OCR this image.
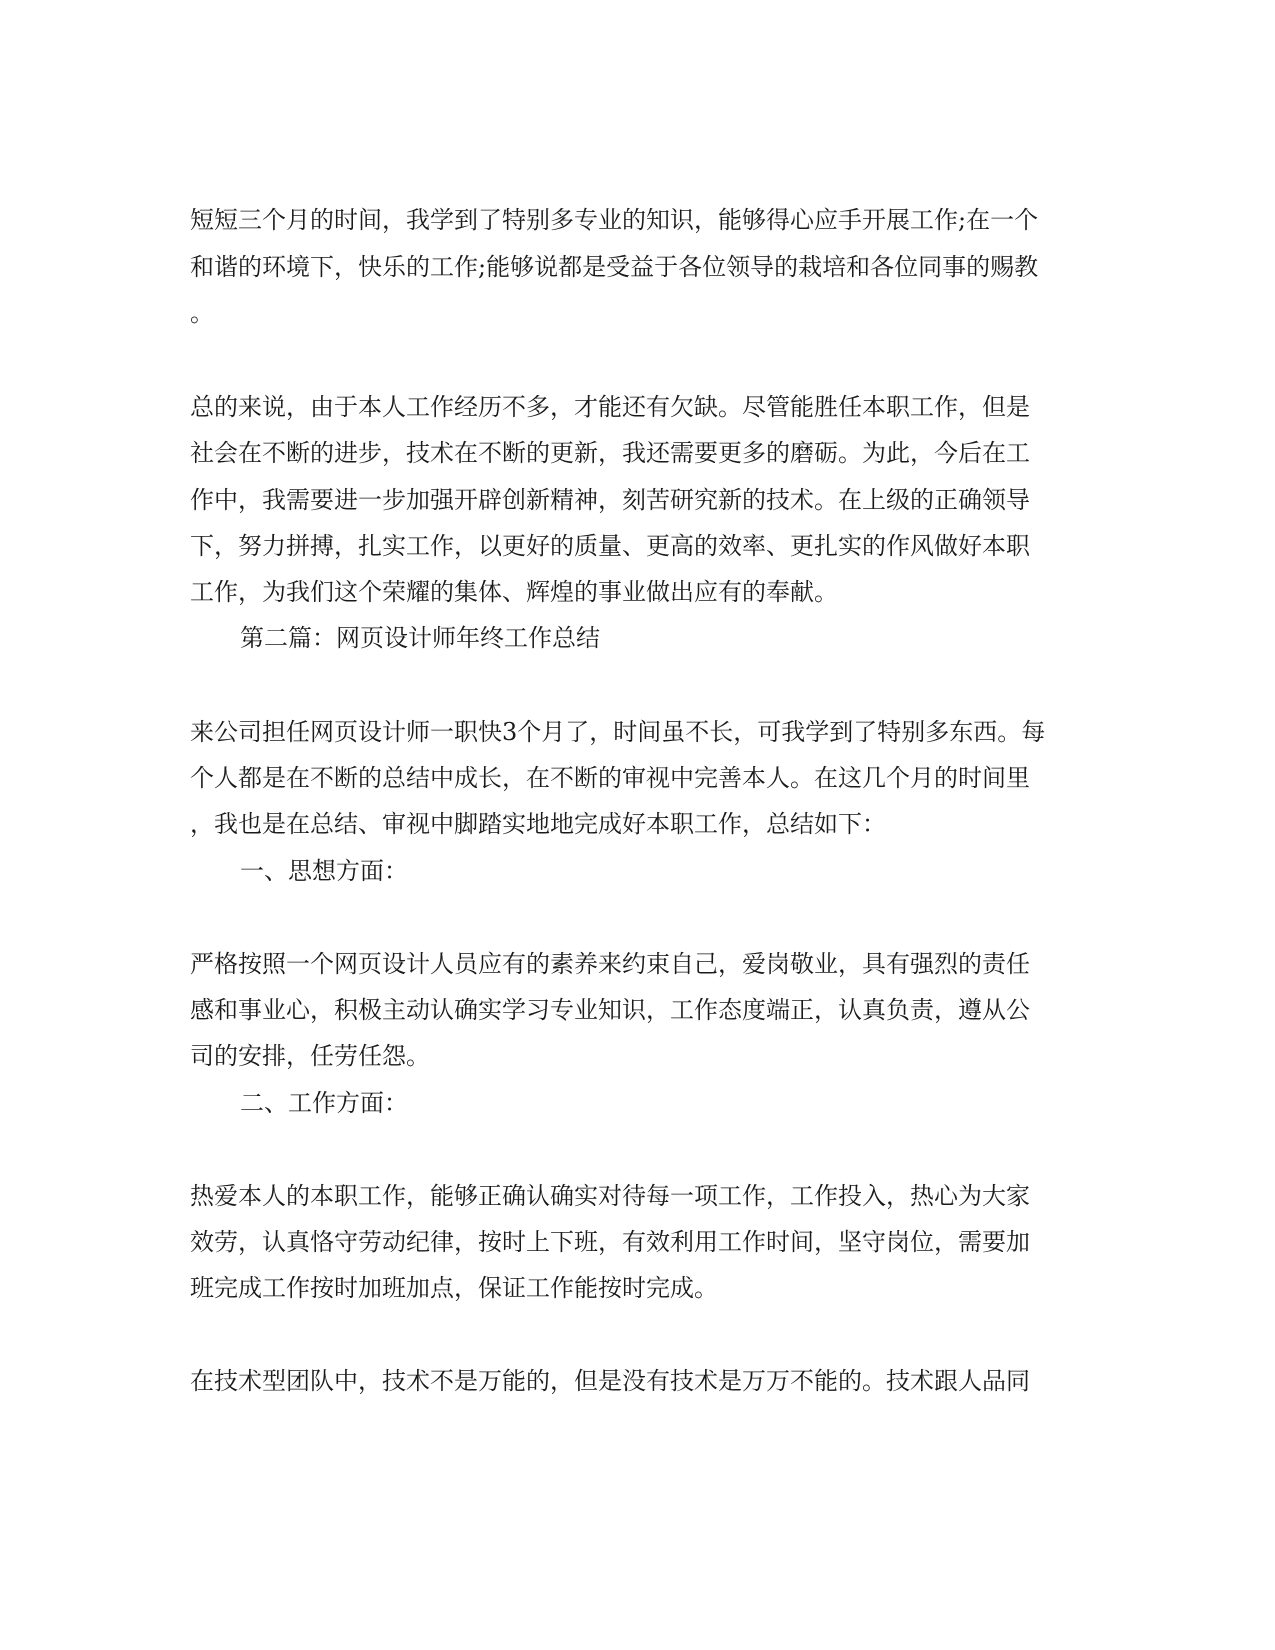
短短三个月的时间，我学到了特别多专业的知识，能够得心应手开展工作;在一个
和谐的环境下，快乐的工作;能够说都是受益于各位领导的栽培和各位同事的赐教
。
总的来说，由于本人工作经历不多，才能还有欠缺。尽管能胜任本职工作，但是
社会在不断的进步，技术在不断的更新，我还需要更多的磨砺。为此，今后在工
作中，我需要进一步加强开辟创新精神，刻苦研究新的技术。在上级的正确领导
下，努力拼搏，扎实工作，以更好的质量、更高的效率、更扎实的作风做好本职
工作，为我们这个荣耀的集体、辉煌的事业做出应有的奉献。
第二篇：网页设计师年终工作总结
来公司担任网页设计师一职快3个月了，时间虽不长，可我学到了特别多东西。每
个人都是在不断的总结中成长，在不断的审视中完善本人。在这几个月的时间里
，我也是在总结、审视中脚踏实地地完成好本职工作，总结如下：
一、思想方面：
严格按照一个网页设计人员应有的素养来约束自己，爱岗敬业，具有强烈的责任
感和事业心，积极主动认确实学习专业知识，工作态度端正，认真负责，遵从公
司的安排，任劳任怨。
二、工作方面：
热爱本人的本职工作，能够正确认确实对待每一项工作，工作投入，热心为大家
效劳，认真恪守劳动纪律，按时上下班，有效利用工作时间，坚守岗位，需要加
班完成工作按时加班加点，保证工作能按时完成。
在技术型团队中，技术不是万能的，但是没有技术是万万不能的。技术跟人品同
